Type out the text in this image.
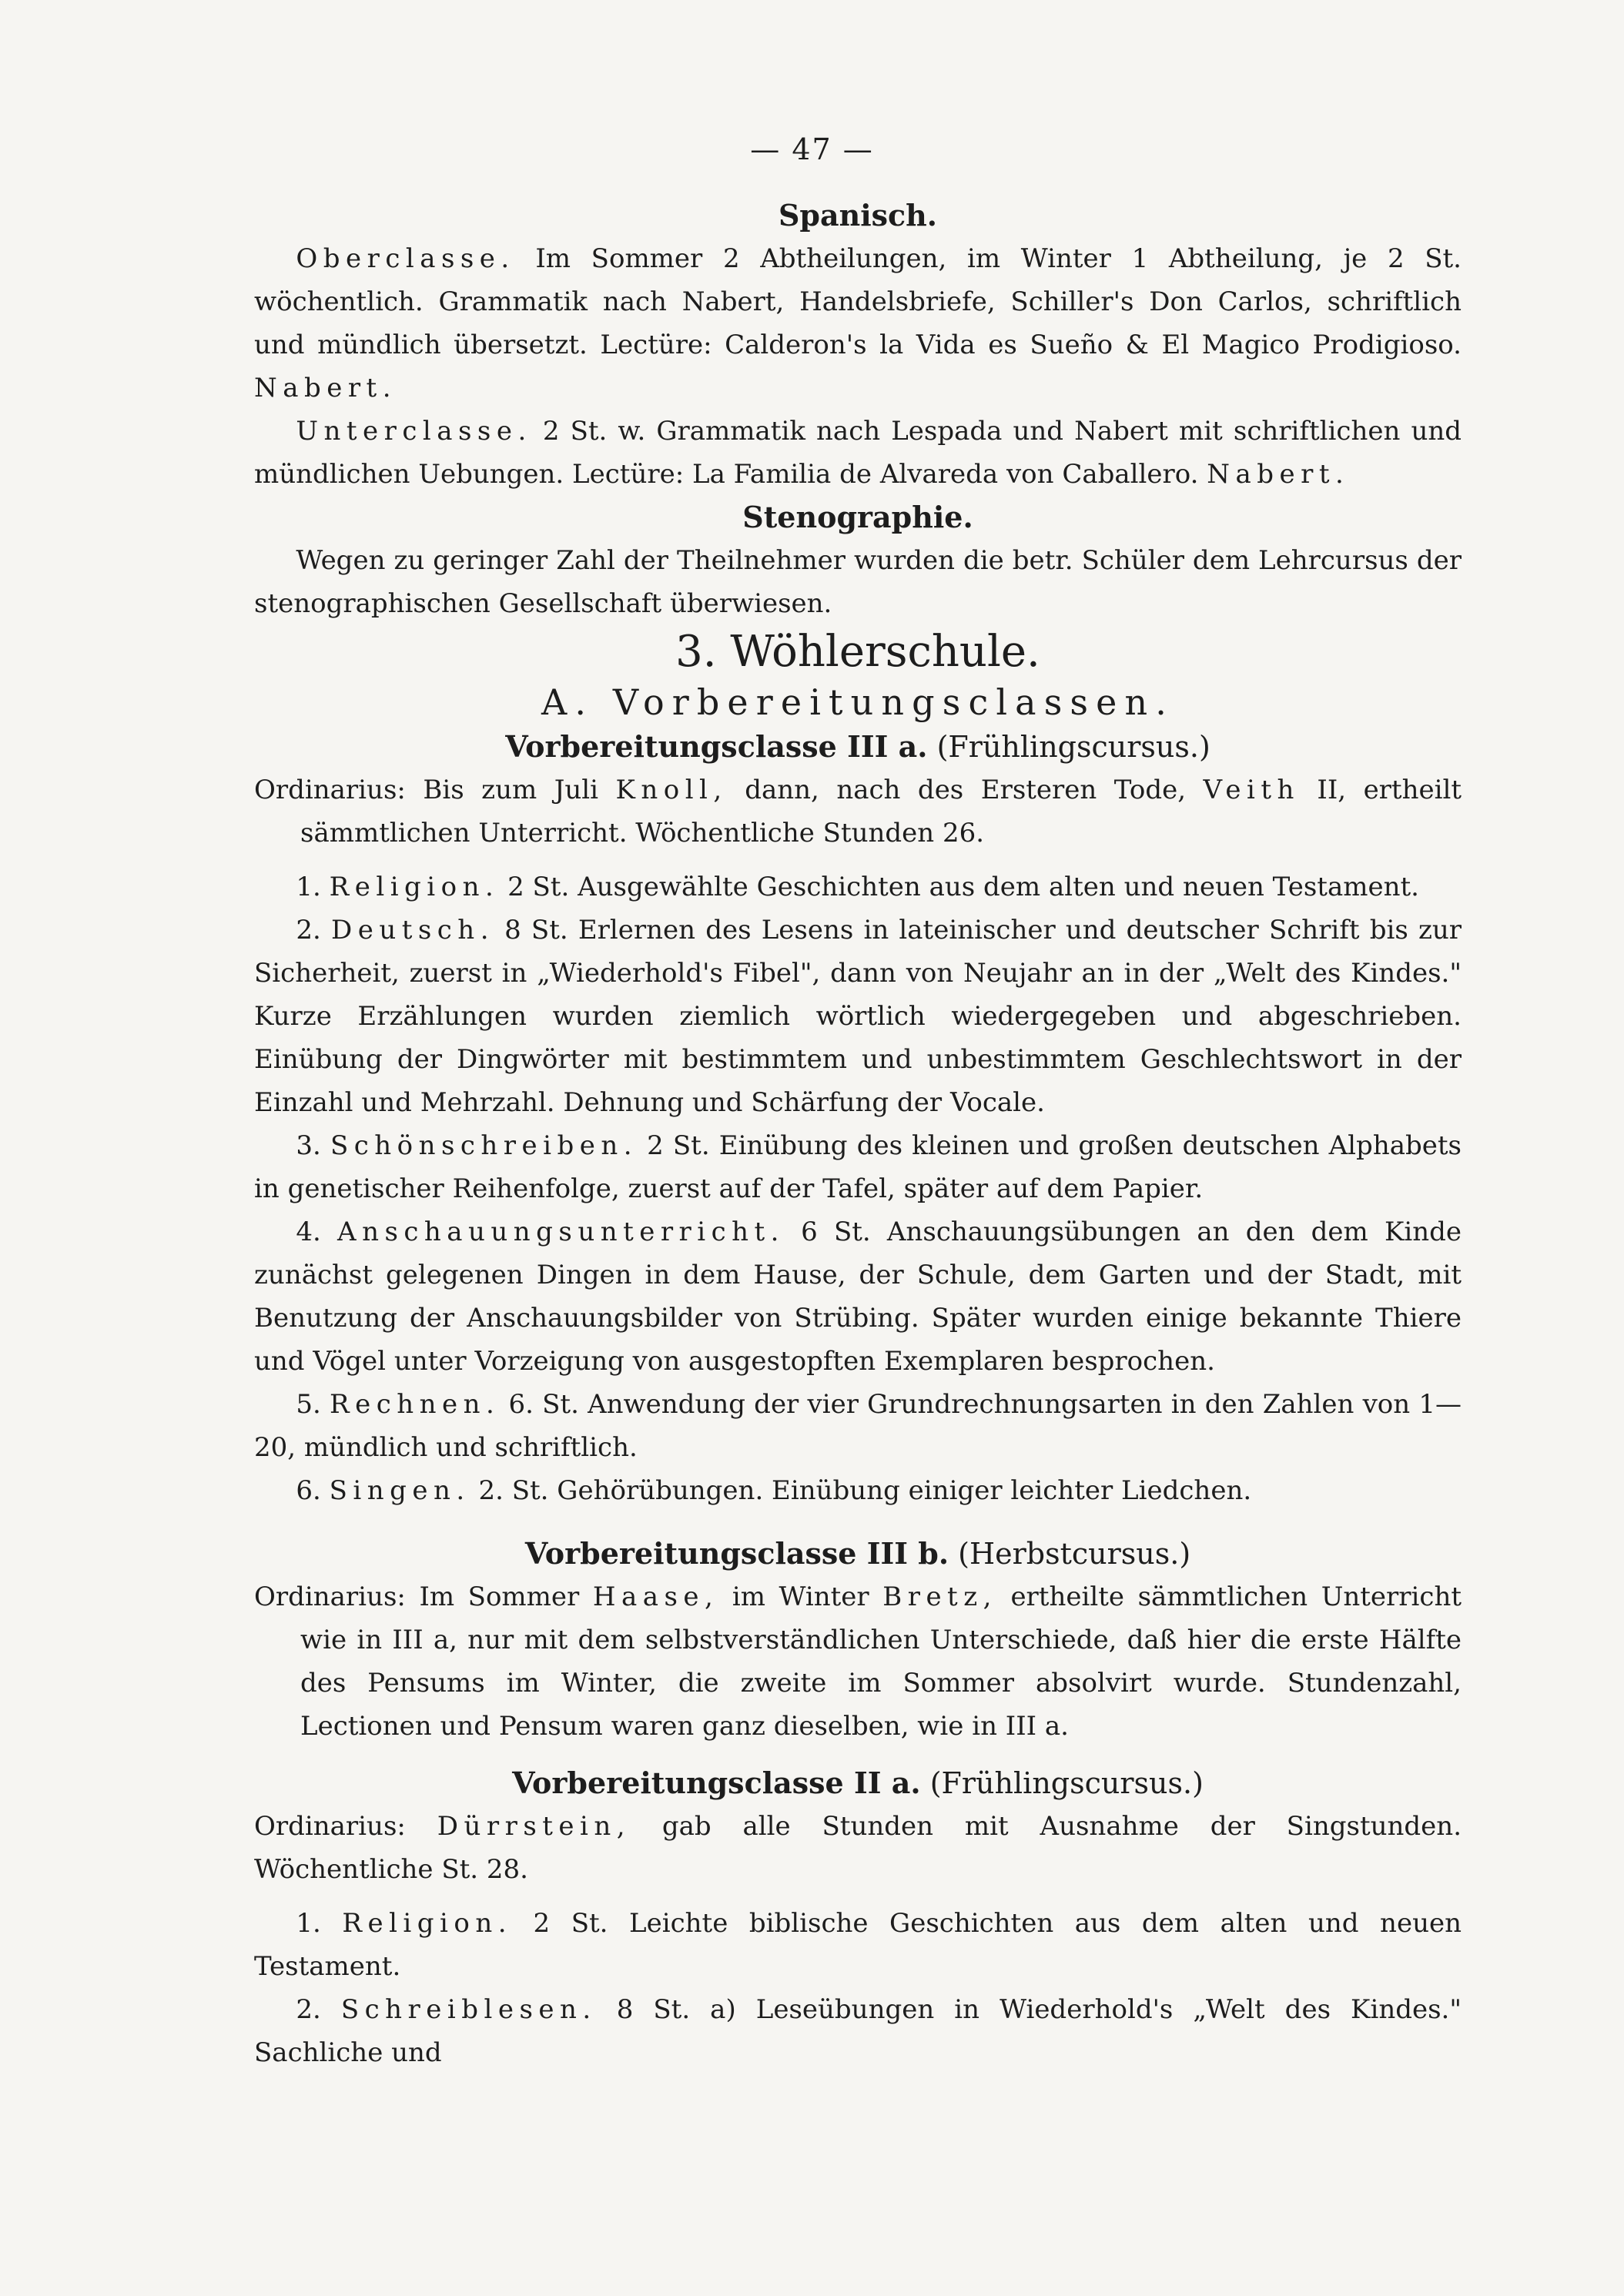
— 47 —

Spanisch.

Oberclasse. Im Sommer 2 Abtheilungen, im Winter 1 Abtheilung, je 2 St. wöchentlich. Grammatik nach Nabert, Handelsbriefe, Schiller's Don Carlos, schriftlich und mündlich übersetzt. Lectüre: Calderon's la Vida es Sueño & El Magico Prodigioso. Nabert.

Unterclasse. 2 St. w. Grammatik nach Lespada und Nabert mit schriftlichen und mündlichen Uebungen. Lectüre: La Familia de Alvareda von Caballero. Nabert.

Stenographie.

Wegen zu geringer Zahl der Theilnehmer wurden die betr. Schüler dem Lehrcursus der stenographischen Gesellschaft überwiesen.

3. Wöhlerschule.

A. Vorbereitungsclassen.

Vorbereitungsclasse III a. (Frühlingscursus.)

Ordinarius: Bis zum Juli Knoll, dann, nach des Ersteren Tode, Veith II, ertheilt sämmtlichen Unterricht. Wöchentliche Stunden 26.

1. Religion. 2 St. Ausgewählte Geschichten aus dem alten und neuen Testament.

2. Deutsch. 8 St. Erlernen des Lesens in lateinischer und deutscher Schrift bis zur Sicherheit, zuerst in „Wiederhold's Fibel", dann von Neujahr an in der „Welt des Kindes." Kurze Erzählungen wurden ziemlich wörtlich wiedergegeben und abgeschrieben. Einübung der Dingwörter mit bestimmtem und unbestimmtem Geschlechtswort in der Einzahl und Mehrzahl. Dehnung und Schärfung der Vocale.

3. Schönschreiben. 2 St. Einübung des kleinen und großen deutschen Alphabets in genetischer Reihenfolge, zuerst auf der Tafel, später auf dem Papier.

4. Anschauungsunterricht. 6 St. Anschauungsübungen an den dem Kinde zunächst gelegenen Dingen in dem Hause, der Schule, dem Garten und der Stadt, mit Benutzung der Anschauungsbilder von Strübing. Später wurden einige bekannte Thiere und Vögel unter Vorzeigung von ausgestopften Exemplaren besprochen.

5. Rechnen. 6. St. Anwendung der vier Grundrechnungsarten in den Zahlen von 1—20, mündlich und schriftlich.

6. Singen. 2. St. Gehörübungen. Einübung einiger leichter Liedchen.

Vorbereitungsclasse III b. (Herbstcursus.)

Ordinarius: Im Sommer Haase, im Winter Bretz, ertheilte sämmtlichen Unterricht wie in III a, nur mit dem selbstverständlichen Unterschiede, daß hier die erste Hälfte des Pensums im Winter, die zweite im Sommer absolvirt wurde. Stundenzahl, Lectionen und Pensum waren ganz dieselben, wie in III a.

Vorbereitungsclasse II a. (Frühlingscursus.)

Ordinarius: Dürrstein, gab alle Stunden mit Ausnahme der Singstunden. Wöchentliche St. 28.

1. Religion. 2 St. Leichte biblische Geschichten aus dem alten und neuen Testament.

2. Schreiblesen. 8 St. a) Leseübungen in Wiederhold's „Welt des Kindes." Sachliche und
